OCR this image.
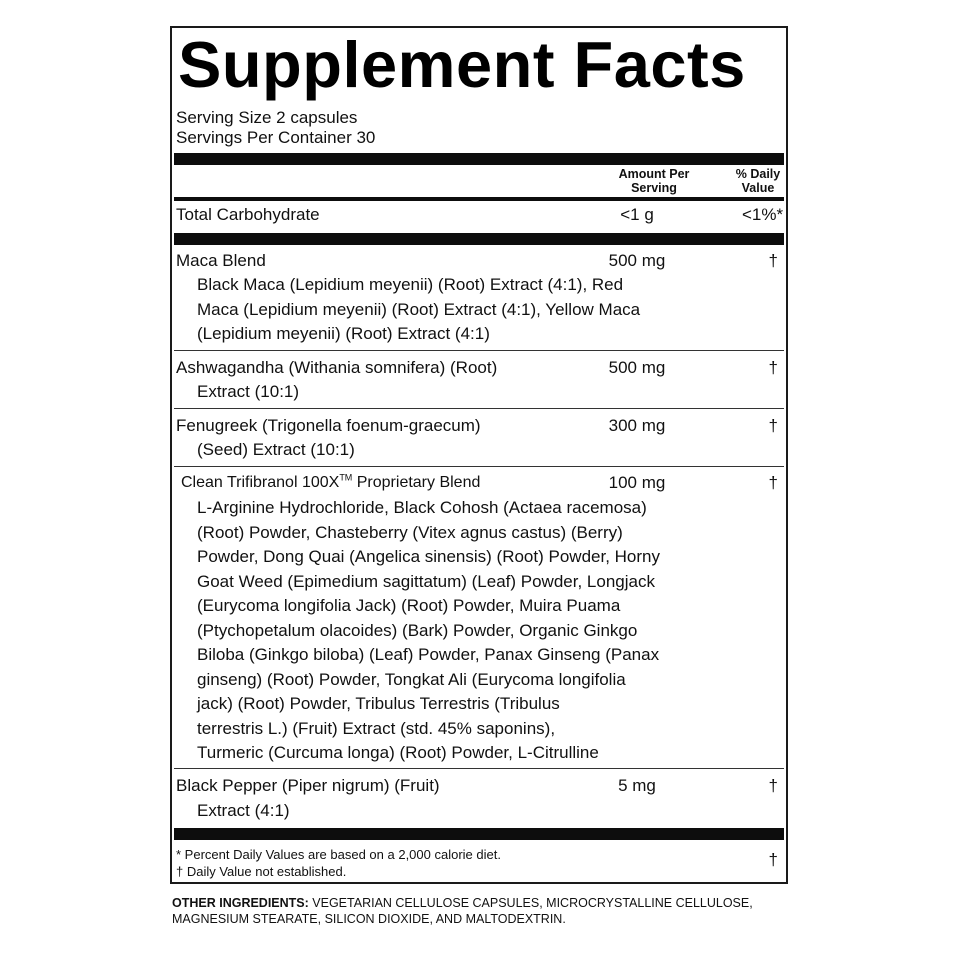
Supplement Facts
Serving Size 2 capsules
Servings Per Container 30
Amount Per
Serving
% Daily
Value
Total Carbohydrate	<1 g	<1%*
Maca Blend	500 mg	†
Black Maca (Lepidium meyenii) (Root) Extract (4:1), Red
Maca (Lepidium meyenii) (Root) Extract (4:1), Yellow Maca
(Lepidium meyenii) (Root) Extract (4:1)
Ashwagandha (Withania somnifera) (Root)	500 mg	†
Extract (10:1)
Fenugreek (Trigonella foenum-graecum)	300 mg	†
(Seed) Extract (10:1)
Clean Trifibranol 100X™ Proprietary Blend	100 mg	†
L-Arginine Hydrochloride, Black Cohosh (Actaea racemosa)
(Root) Powder, Chasteberry (Vitex agnus castus) (Berry)
Powder, Dong Quai (Angelica sinensis) (Root) Powder, Horny
Goat Weed (Epimedium sagittatum) (Leaf) Powder, Longjack
(Eurycoma longifolia Jack) (Root) Powder, Muira Puama
(Ptychopetalum olacoides) (Bark) Powder, Organic Ginkgo
Biloba (Ginkgo biloba) (Leaf) Powder, Panax Ginseng (Panax
ginseng) (Root) Powder, Tongkat Ali (Eurycoma longifolia
jack) (Root) Powder, Tribulus Terrestris (Tribulus
terrestris L.) (Fruit) Extract (std. 45% saponins),
Turmeric (Curcuma longa) (Root) Powder, L-Citrulline
Black Pepper (Piper nigrum) (Fruit)	5 mg	†
Extract (4:1)
* Percent Daily Values are based on a 2,000 calorie diet.
† Daily Value not established.
†
OTHER INGREDIENTS: VEGETARIAN CELLULOSE CAPSULES, MICROCRYSTALLINE CELLULOSE, MAGNESIUM STEARATE, SILICON DIOXIDE, AND MALTODEXTRIN.
